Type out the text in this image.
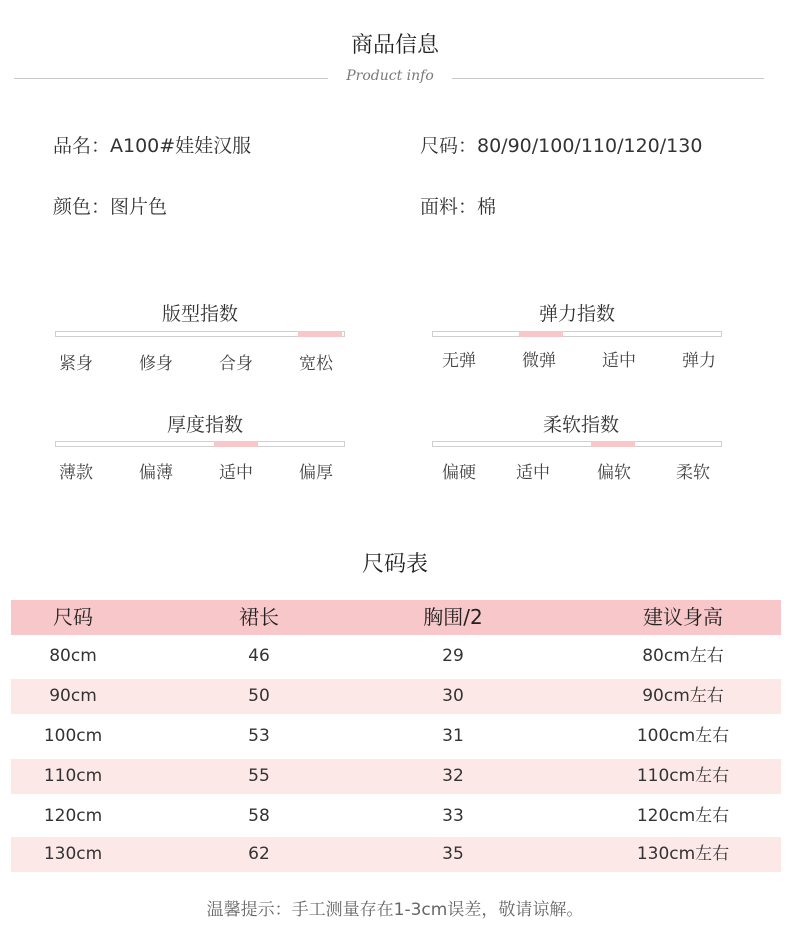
商品信息
Product info
品名：A100#娃娃汉服	尺码：80/90/100/110/120/130
颜色：图片色	面料：棉
版型指数
紧身	修身	合身	宽松
弹力指数
无弹	微弹	适中	弹力
厚度指数
薄款	偏薄	适中	偏厚
柔软指数
偏硬	适中	偏软	柔软
尺码表
尺码	裙长	胸围/2	建议身高
80cm	46	29	80cm左右
90cm	50	30	90cm左右
100cm	53	31	100cm左右
110cm	55	32	110cm左右
120cm	58	33	120cm左右
130cm	62	35	130cm左右
温馨提示：手工测量存在1-3cm误差，敬请谅解。
